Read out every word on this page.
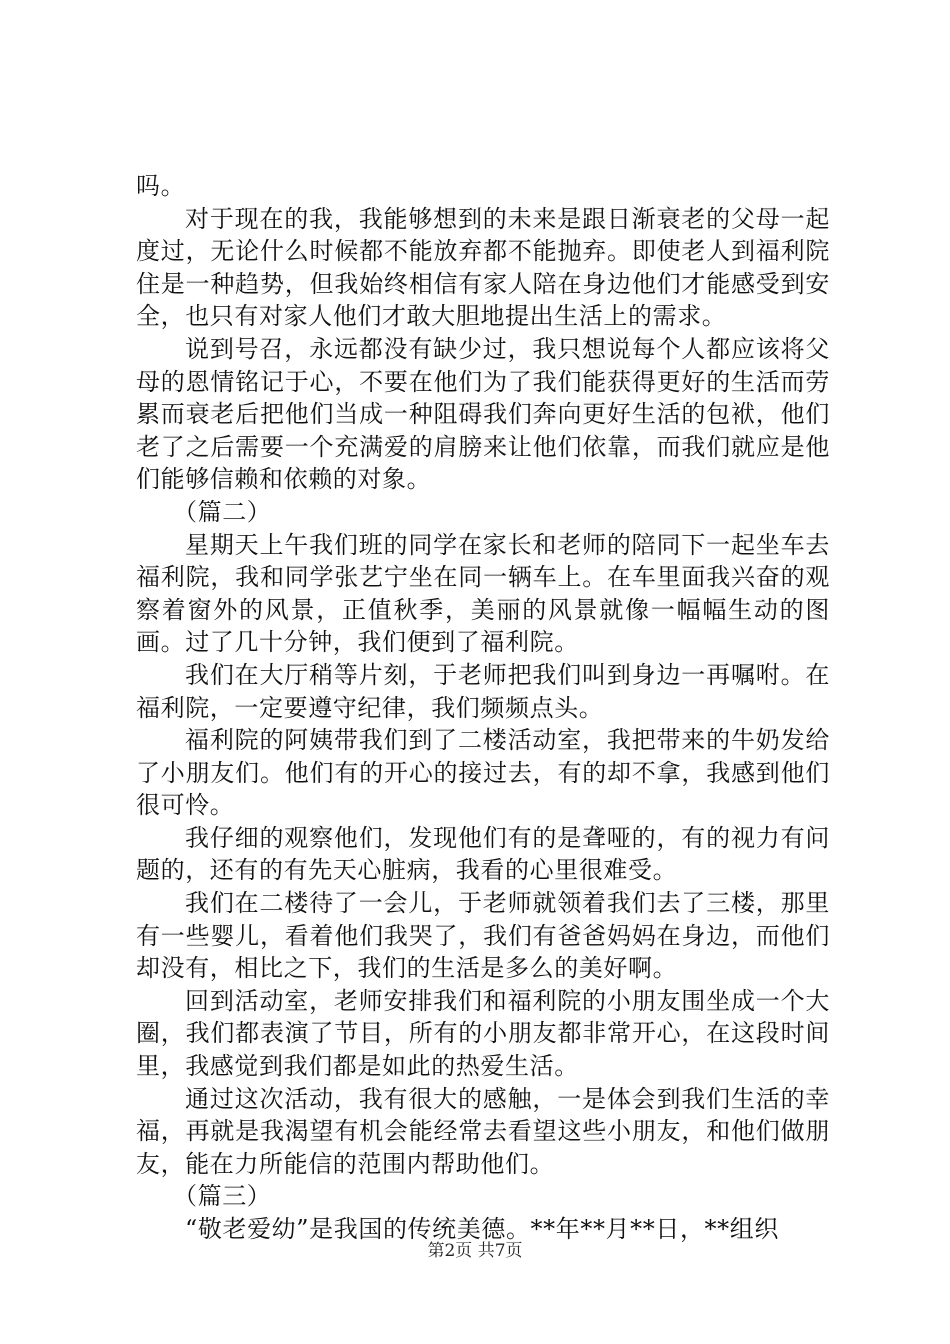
吗。

对于现在的我，我能够想到的未来是跟日渐衰老的父母一起度过，无论什么时候都不能放弃都不能抛弃。即使老人到福利院住是一种趋势，但我始终相信有家人陪在身边他们才能感受到安全，也只有对家人他们才敢大胆地提出生活上的需求。

说到号召，永远都没有缺少过，我只想说每个人都应该将父母的恩情铭记于心，不要在他们为了我们能获得更好的生活而劳累而衰老后把他们当成一种阻碍我们奔向更好生活的包袱，他们老了之后需要一个充满爱的肩膀来让他们依靠，而我们就应是他们能够信赖和依赖的对象。

（篇二）

星期天上午我们班的同学在家长和老师的陪同下一起坐车去福利院，我和同学张艺宁坐在同一辆车上。在车里面我兴奋的观察着窗外的风景，正值秋季，美丽的风景就像一幅幅生动的图画。过了几十分钟，我们便到了福利院。

我们在大厅稍等片刻，于老师把我们叫到身边一再嘱咐。在福利院，一定要遵守纪律，我们频频点头。

福利院的阿姨带我们到了二楼活动室，我把带来的牛奶发给了小朋友们。他们有的开心的接过去，有的却不拿，我感到他们很可怜。

我仔细的观察他们，发现他们有的是聋哑的，有的视力有问题的，还有的有先天心脏病，我看的心里很难受。

我们在二楼待了一会儿，于老师就领着我们去了三楼，那里有一些婴儿，看着他们我哭了，我们有爸爸妈妈在身边，而他们却没有，相比之下，我们的生活是多么的美好啊。

回到活动室，老师安排我们和福利院的小朋友围坐成一个大圈，我们都表演了节目，所有的小朋友都非常开心，在这段时间里，我感觉到我们都是如此的热爱生活。

通过这次活动，我有很大的感触，一是体会到我们生活的幸福，再就是我渴望有机会能经常去看望这些小朋友，和他们做朋友，能在力所能信的范围内帮助他们。

（篇三）

“敬老爱幼”是我国的传统美德。**年**月**日，**组织

第2页 共7页
